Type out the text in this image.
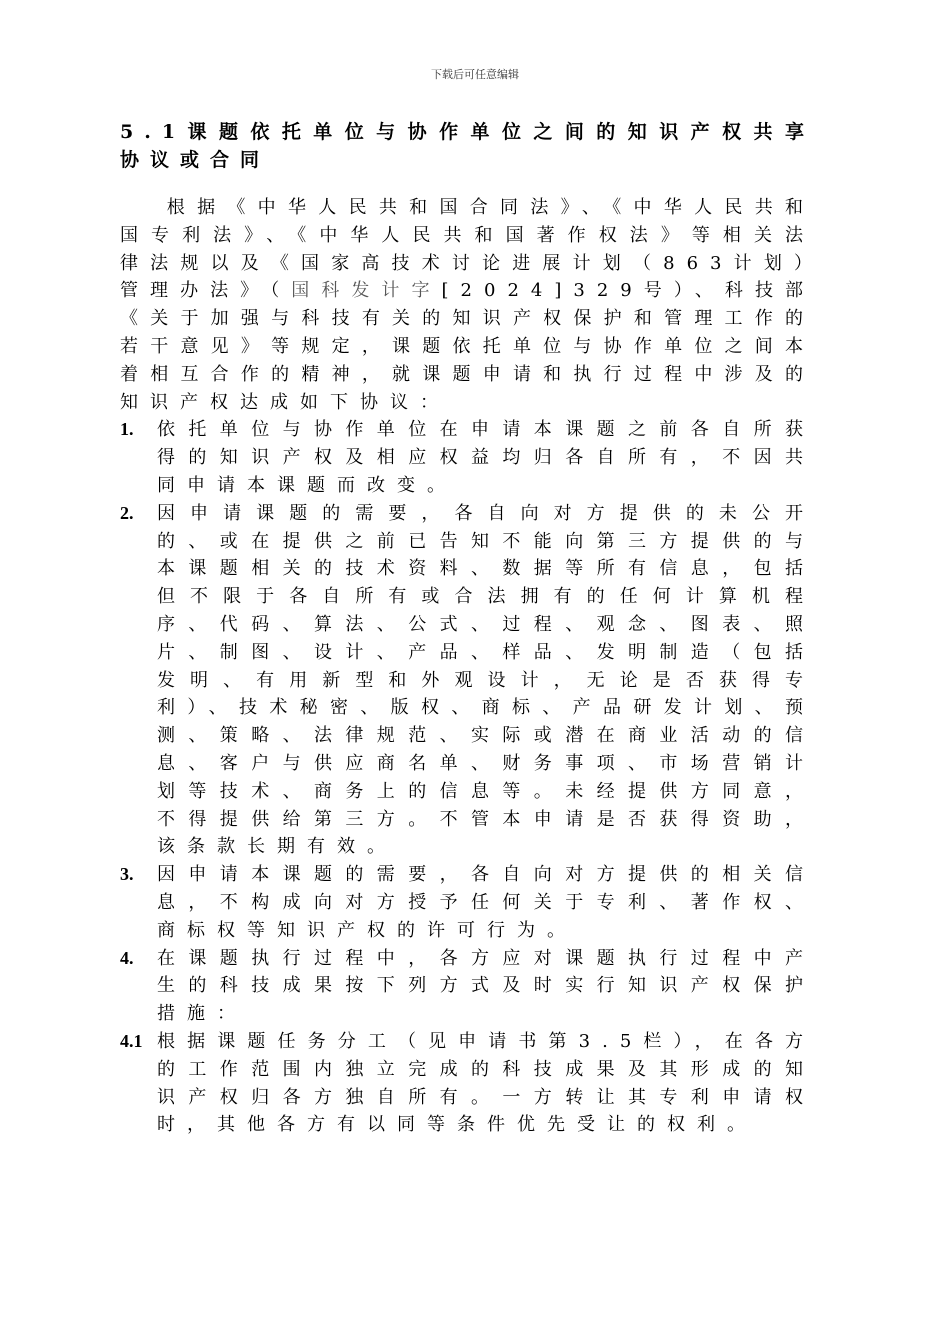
下载后可任意编辑
5.1课题依托单位与协作单位之间的知识产权共享协议或合同
根据《中华人民共和国合同法》、《中华人民共和国专利法》、《中华人民共和国著作权法》等相关法律法规以及《国家高技术讨论进展计划（863计划）管理办法》（国科发计字[2024]329号）、科技部《关于加强与科技有关的知识产权保护和管理工作的若干意见》等规定，课题依托单位与协作单位之间本着相互合作的精神，就课题申请和执行过程中涉及的知识产权达成如下协议：
1. 依托单位与协作单位在申请本课题之前各自所获得的知识产权及相应权益均归各自所有，不因共同申请本课题而改变。
2. 因申请课题的需要，各自向对方提供的未公开的、或在提供之前已告知不能向第三方提供的与本课题相关的技术资料、数据等所有信息，包括但不限于各自所有或合法拥有的任何计算机程序、代码、算法、公式、过程、观念、图表、照片、制图、设计、产品、样品、发明制造（包括发明、有用新型和外观设计，无论是否获得专利）、技术秘密、版权、商标、产品研发计划、预测、策略、法律规范、实际或潜在商业活动的信息、客户与供应商名单、财务事项、市场营销计划等技术、商务上的信息等。未经提供方同意，不得提供给第三方。不管本申请是否获得资助，该条款长期有效。
3. 因申请本课题的需要，各自向对方提供的相关信息，不构成向对方授予任何关于专利、著作权、商标权等知识产权的许可行为。
4. 在课题执行过程中，各方应对课题执行过程中产生的科技成果按下列方式及时实行知识产权保护措施：
4.1 根据课题任务分工（见申请书第3.5栏），在各方的工作范围内独立完成的科技成果及其形成的知识产权归各方独自所有。一方转让其专利申请权时，其他各方有以同等条件优先受让的权利。
